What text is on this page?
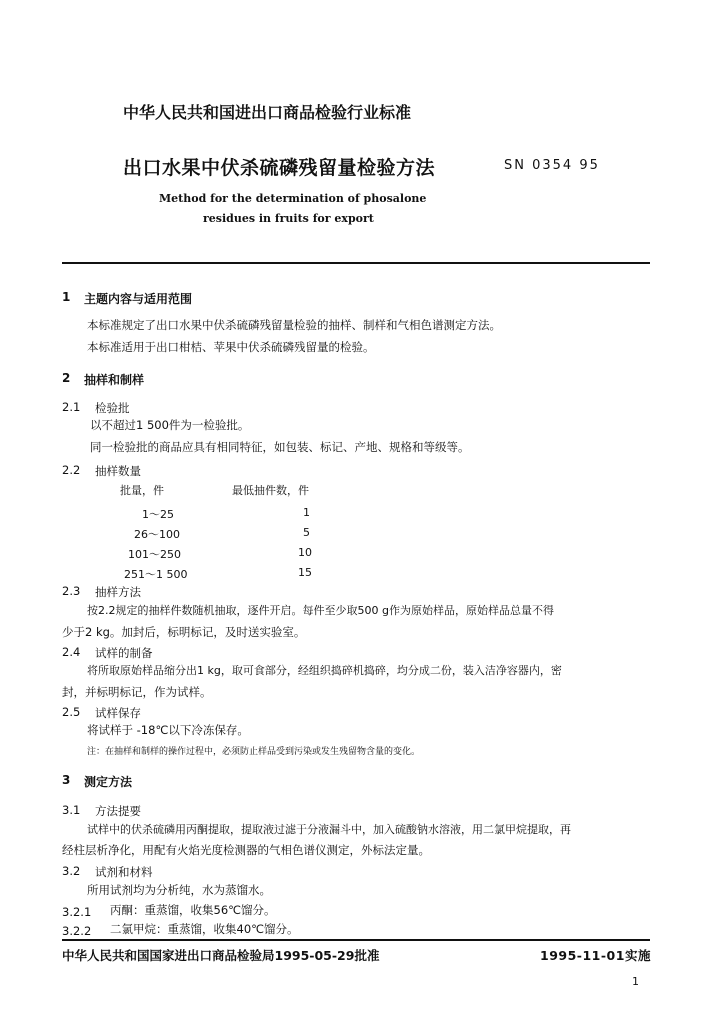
中华人民共和国进出口商品检验行业标准
出口水果中伏杀硫磷残留量检验方法	SN 0354 95
Method for the determination of phosalone
residues in fruits for export
1 主题内容与适用范围
本标准规定了出口水果中伏杀硫磷残留量检验的抽样、制样和气相色谱测定方法。
本标准适用于出口柑桔、苹果中伏杀硫磷残留量的检验。
2 抽样和制样
2.1 检验批
以不超过1 500件为一检验批。
同一检验批的商品应具有相同特征，如包装、标记、产地、规格和等级等。
2.2 抽样数量
批量，件	最低抽件数，件
1～25	1
26～100	5
101～250	10
251～1 500	15
2.3 抽样方法
按2.2规定的抽样件数随机抽取，逐件开启。每件至少取500 g作为原始样品，原始样品总量不得
少于2 kg。加封后，标明标记，及时送实验室。
2.4 试样的制备
将所取原始样品缩分出1 kg，取可食部分，经组织捣碎机捣碎，均分成二份，装入洁净容器内，密
封，并标明标记，作为试样。
2.5 试样保存
将试样于 -18℃以下冷冻保存。
注：在抽样和制样的操作过程中，必须防止样品受到污染或发生残留物含量的变化。
3 测定方法
3.1 方法提要
试样中的伏杀硫磷用丙酮提取，提取液过滤于分液漏斗中，加入硫酸钠水溶液，用二氯甲烷提取，再
经柱层析净化，用配有火焰光度检测器的气相色谱仪测定，外标法定量。
3.2 试剂和材料
所用试剂均为分析纯，水为蒸馏水。
3.2.1 丙酮：重蒸馏，收集56℃馏分。
3.2.2 二氯甲烷：重蒸馏，收集40℃馏分。
中华人民共和国国家进出口商品检验局1995-05-29批准	1995-11-01实施
1
